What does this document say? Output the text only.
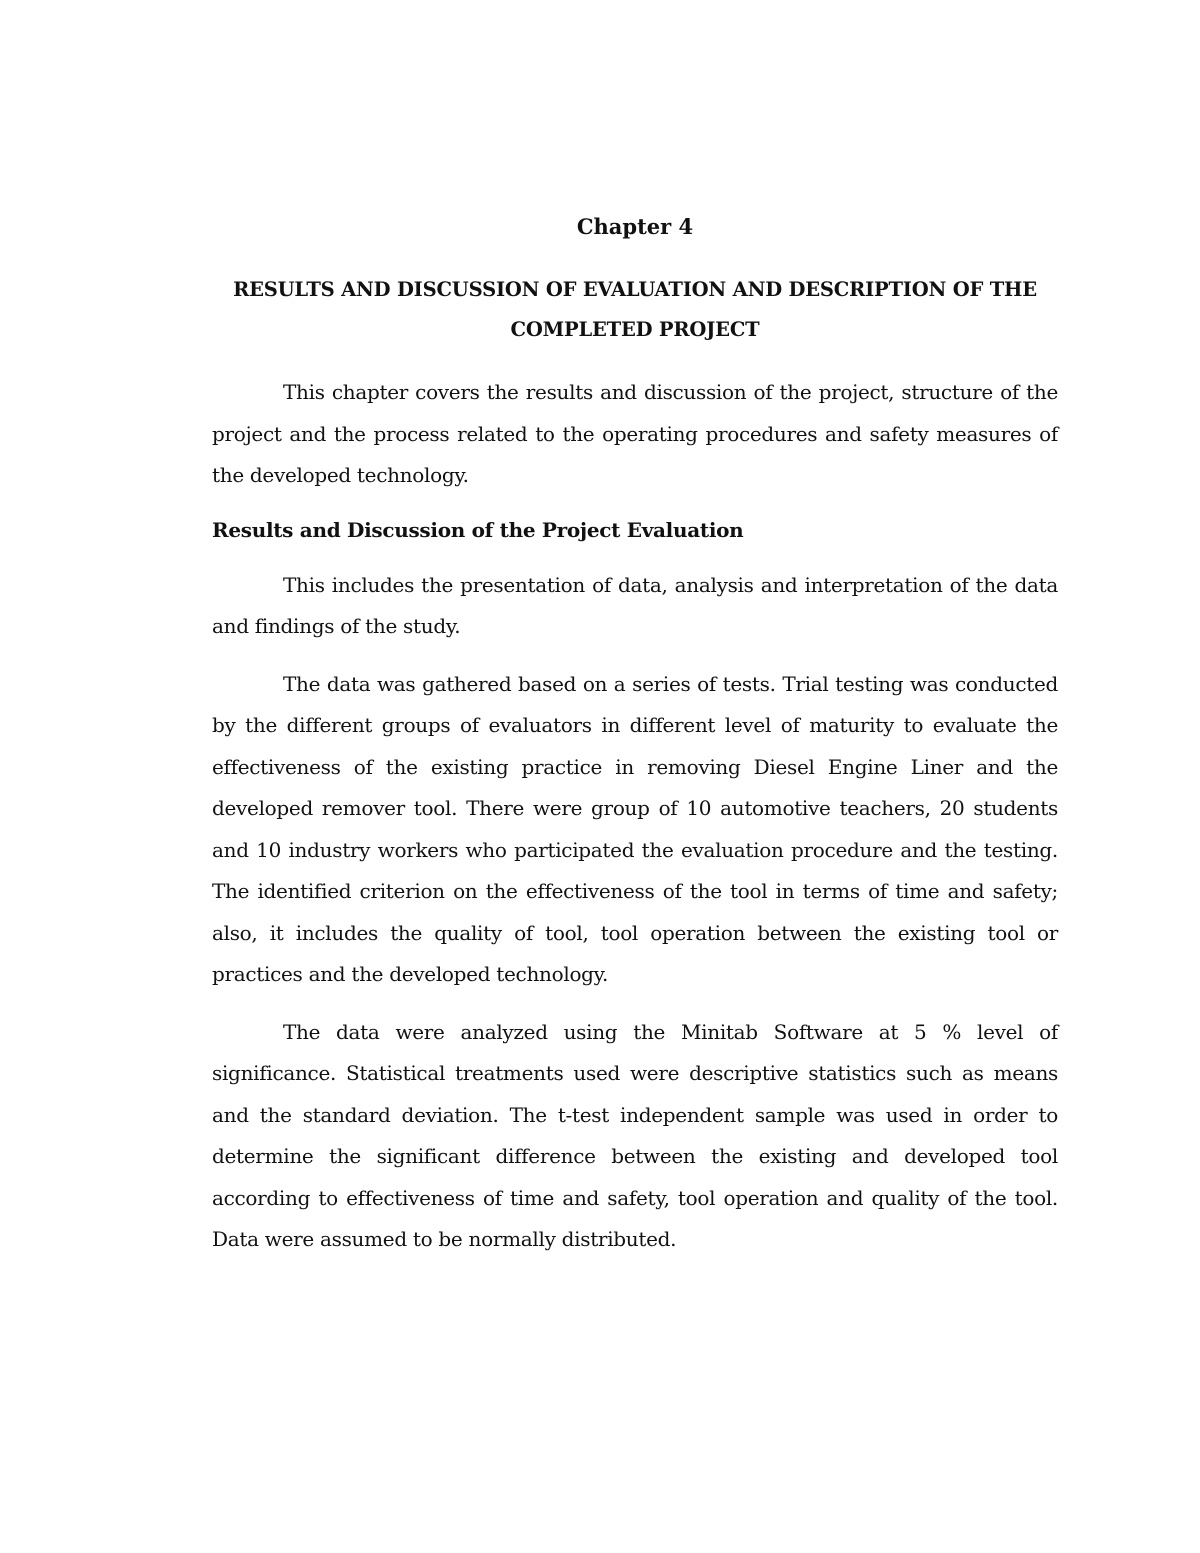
Chapter 4
RESULTS AND DISCUSSION OF EVALUATION AND DESCRIPTION OF THE COMPLETED PROJECT

This chapter covers the results and discussion of the project, structure of the project and the process related to the operating procedures and safety measures of the developed technology.

Results and Discussion of the Project Evaluation

This includes the presentation of data, analysis and interpretation of the data and findings of the study.

The data was gathered based on a series of tests. Trial testing was conducted by the different groups of evaluators in different level of maturity to evaluate the effectiveness of the existing practice in removing Diesel Engine Liner and the developed remover tool. There were group of 10 automotive teachers, 20 students and 10 industry workers who participated the evaluation procedure and the testing. The identified criterion on the effectiveness of the tool in terms of time and safety; also, it includes the quality of tool, tool operation between the existing tool or practices and the developed technology.

The data were analyzed using the Minitab Software at 5 % level of significance. Statistical treatments used were descriptive statistics such as means and the standard deviation. The t-test independent sample was used in order to determine the significant difference between the existing and developed tool according to effectiveness of time and safety, tool operation and quality of the tool. Data were assumed to be normally distributed.
